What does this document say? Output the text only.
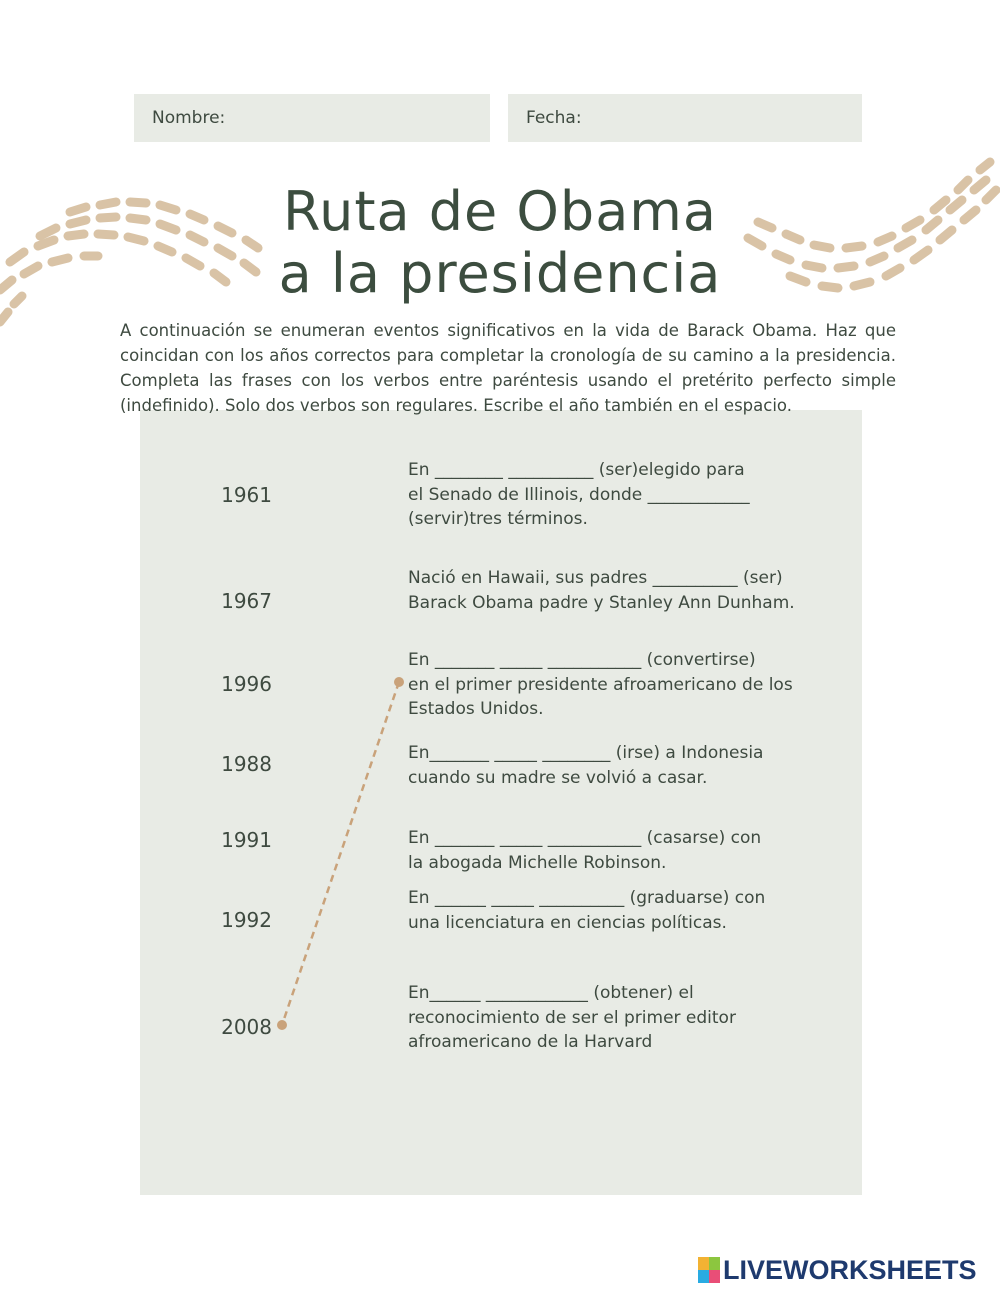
Nombre:	Fecha:
Ruta de Obama
a la presidencia

A continuación se enumeran eventos significativos en la vida de Barack Obama. Haz que coincidan con los años correctos para completar la cronología de su camino a la presidencia. Completa las frases con los verbos entre paréntesis usando el pretérito perfecto simple (indefinido). Solo dos verbos son regulares. Escribe el año también en el espacio.

1961
1967
1996
1988
1991
1992
2008
En ________ __________ (ser)elegido para
el Senado de Illinois, donde ____________
(servir)tres términos.
Nació en Hawaii, sus padres __________ (ser)
Barack Obama padre y Stanley Ann Dunham.
En _______ _____ ___________ (convertirse)
en el primer presidente afroamericano de los
Estados Unidos.
En_______ _____ ________ (irse) a Indonesia
cuando su madre se volvió a casar.
En _______ _____ ___________ (casarse) con
la abogada Michelle Robinson.
En ______ _____ __________ (graduarse) con
una licenciatura en ciencias políticas.
En______ ____________ (obtener) el
reconocimiento de ser el primer editor
afroamericano de la Harvard
LIVEWORKSHEETS
